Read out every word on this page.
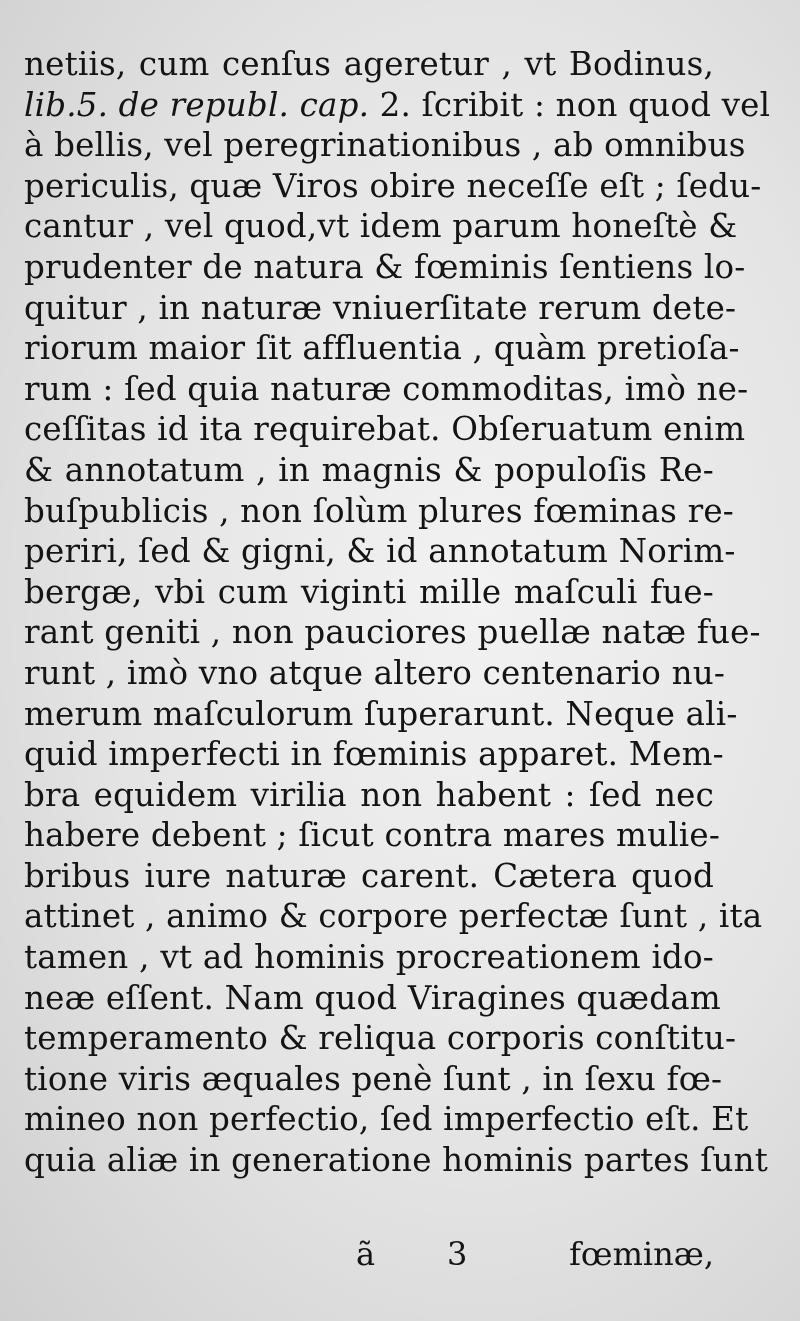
netiis, cum cenſus ageretur , vt Bodinus,
lib.5. de republ. cap. 2. ſcribit : non quod vel
à bellis, vel peregrinationibus , ab omnibus
periculis, quæ Viros obire neceſſe eſt ; ſedu-
cantur , vel quod,vt idem parum honeſtè &
prudenter de natura & fœminis ſentiens lo-
quitur , in naturæ vniuerſitate rerum dete-
riorum maior ſit affluentia , quàm pretioſa-
rum : ſed quia naturæ commoditas, imò ne-
ceſſitas id ita requirebat. Obſeruatum enim
& annotatum , in magnis & populoſis Re-
buſpublicis , non ſolùm plures fœminas re-
periri, ſed & gigni, & id annotatum Norim-
bergæ, vbi cum viginti mille maſculi fue-
rant geniti , non pauciores puellæ natæ fue-
runt , imò vno atque altero centenario nu-
merum maſculorum ſuperarunt. Neque ali-
quid imperfecti in fœminis apparet. Mem-
bra equidem virilia non habent : ſed nec
habere debent ; ſicut contra mares mulie-
bribus iure naturæ carent. Cætera quod
attinet , animo & corpore perfectæ ſunt , ita
tamen , vt ad hominis procreationem ido-
neæ eſſent. Nam quod Viragines quædam
temperamento & reliqua corporis conſtitu-
tione viris æquales penè ſunt , in ſexu fœ-
mineo non perfectio, ſed imperfectio eſt. Et
quia aliæ in generatione hominis partes ſunt
ã 3	fœminæ,
